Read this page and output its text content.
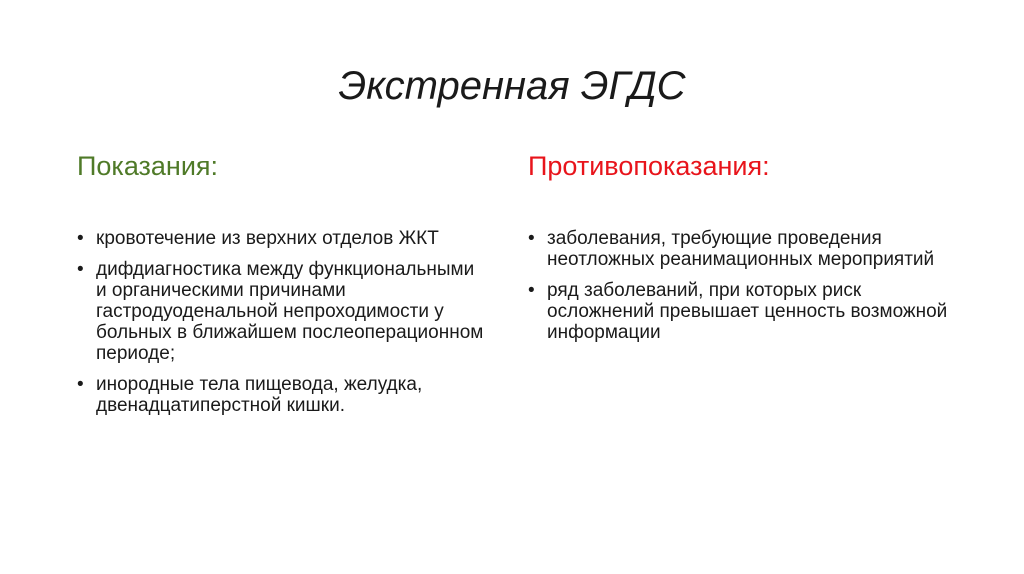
Экстренная ЭГДС
Показания:
• кровотечение из верхних отделов ЖКТ
• дифдиагностика между функциональными и органическими причинами гастродуоденальной непроходимости у больных в ближайшем послеоперационном периоде;
• инородные тела пищевода, желудка, двенадцатиперстной кишки.
Противопоказания:
• заболевания, требующие проведения неотложных реанимационных мероприятий
• ряд заболеваний, при которых риск осложнений превышает ценность возможной информации
